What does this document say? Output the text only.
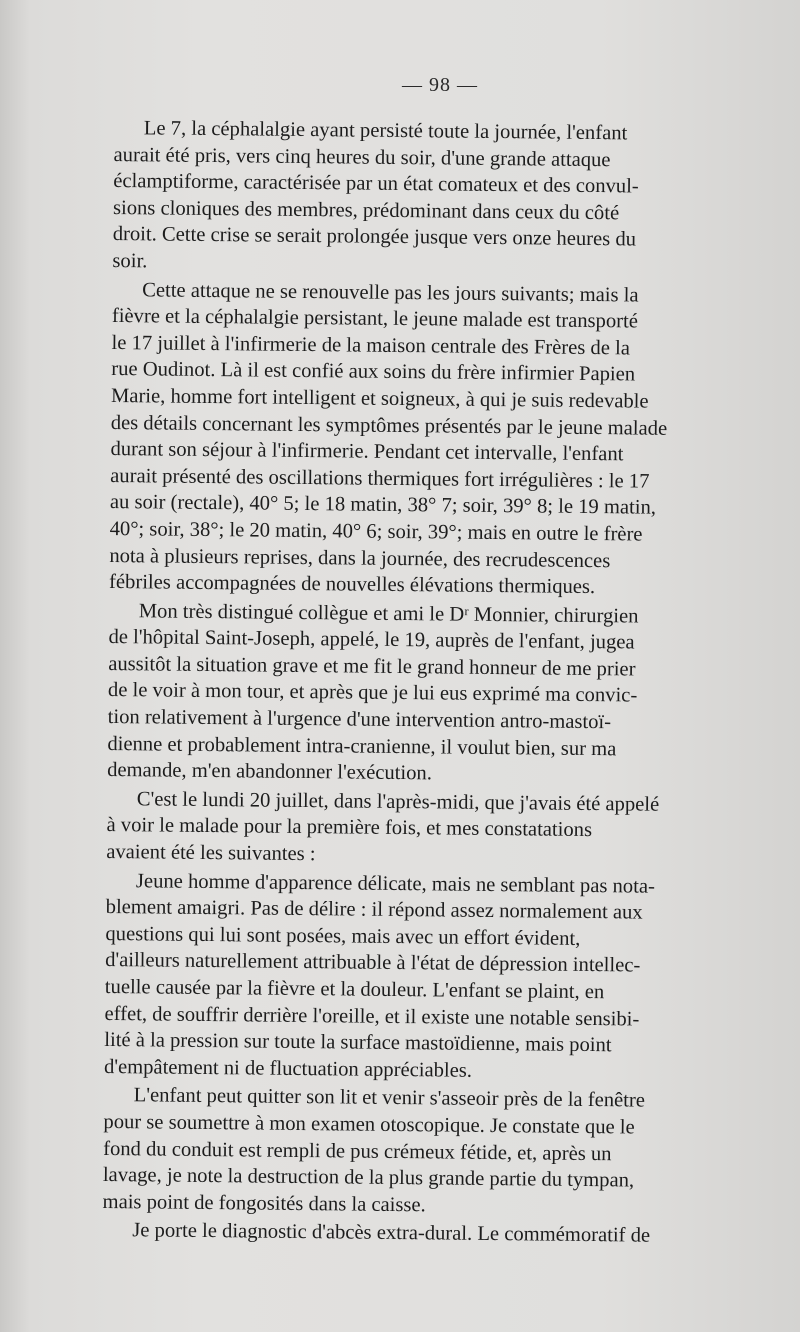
— 98 —
Le 7, la céphalalgie ayant persisté toute la journée, l'enfant
aurait été pris, vers cinq heures du soir, d'une grande attaque
éclamptiforme, caractérisée par un état comateux et des convul-
sions cloniques des membres, prédominant dans ceux du côté
droit. Cette crise se serait prolongée jusque vers onze heures du
soir.
Cette attaque ne se renouvelle pas les jours suivants; mais la
fièvre et la céphalalgie persistant, le jeune malade est transporté
le 17 juillet à l'infirmerie de la maison centrale des Frères de la
rue Oudinot. Là il est confié aux soins du frère infirmier Papien
Marie, homme fort intelligent et soigneux, à qui je suis redevable
des détails concernant les symptômes présentés par le jeune malade
durant son séjour à l'infirmerie. Pendant cet intervalle, l'enfant
aurait présenté des oscillations thermiques fort irrégulières : le 17
au soir (rectale), 40° 5; le 18 matin, 38° 7; soir, 39° 8; le 19 matin,
40°; soir, 38°; le 20 matin, 40° 6; soir, 39°; mais en outre le frère
nota à plusieurs reprises, dans la journée, des recrudescences
fébriles accompagnées de nouvelles élévations thermiques.
Mon très distingué collègue et ami le Dʳ Monnier, chirurgien
de l'hôpital Saint-Joseph, appelé, le 19, auprès de l'enfant, jugea
aussitôt la situation grave et me fit le grand honneur de me prier
de le voir à mon tour, et après que je lui eus exprimé ma convic-
tion relativement à l'urgence d'une intervention antro-mastoï-
dienne et probablement intra-cranienne, il voulut bien, sur ma
demande, m'en abandonner l'exécution.
C'est le lundi 20 juillet, dans l'après-midi, que j'avais été appelé
à voir le malade pour la première fois, et mes constatations
avaient été les suivantes :
Jeune homme d'apparence délicate, mais ne semblant pas nota-
blement amaigri. Pas de délire : il répond assez normalement aux
questions qui lui sont posées, mais avec un effort évident,
d'ailleurs naturellement attribuable à l'état de dépression intellec-
tuelle causée par la fièvre et la douleur. L'enfant se plaint, en
effet, de souffrir derrière l'oreille, et il existe une notable sensibi-
lité à la pression sur toute la surface mastoïdienne, mais point
d'empâtement ni de fluctuation appréciables.
L'enfant peut quitter son lit et venir s'asseoir près de la fenêtre
pour se soumettre à mon examen otoscopique. Je constate que le
fond du conduit est rempli de pus crémeux fétide, et, après un
lavage, je note la destruction de la plus grande partie du tympan,
mais point de fongosités dans la caisse.
Je porte le diagnostic d'abcès extra-dural. Le commémoratif de
